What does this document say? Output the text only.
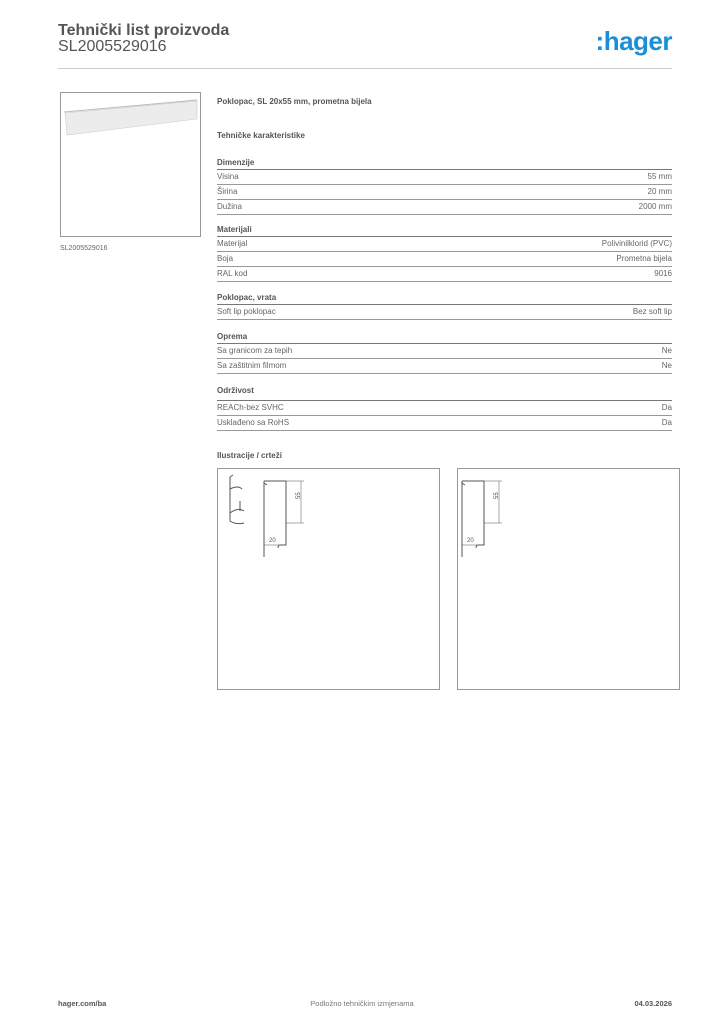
Tehnički list proizvoda
SL2005529016	:hager
SL2005529016
Poklopac, SL 20x55 mm, prometna bijela
Tehničke karakteristike
Dimenzije
Visina	55 mm
Širina	20 mm
Dužina	2000 mm
Materijali
Materijal	Polivinilklorid (PVC)
Boja	Prometna bijela
RAL kod	9016
Poklopac, vrata
Soft lip poklopac	Bez soft lip
Oprema
Sa granicom za tepih	Ne
Sa zaštitnim filmom	Ne
Održivost
REACh-bez SVHC	Da
Usklađeno sa RoHS	Da
Ilustracije / crteži
55
20
55
20
hager.com/ba	Podložno tehničkim izmjenama	04.03.2026
